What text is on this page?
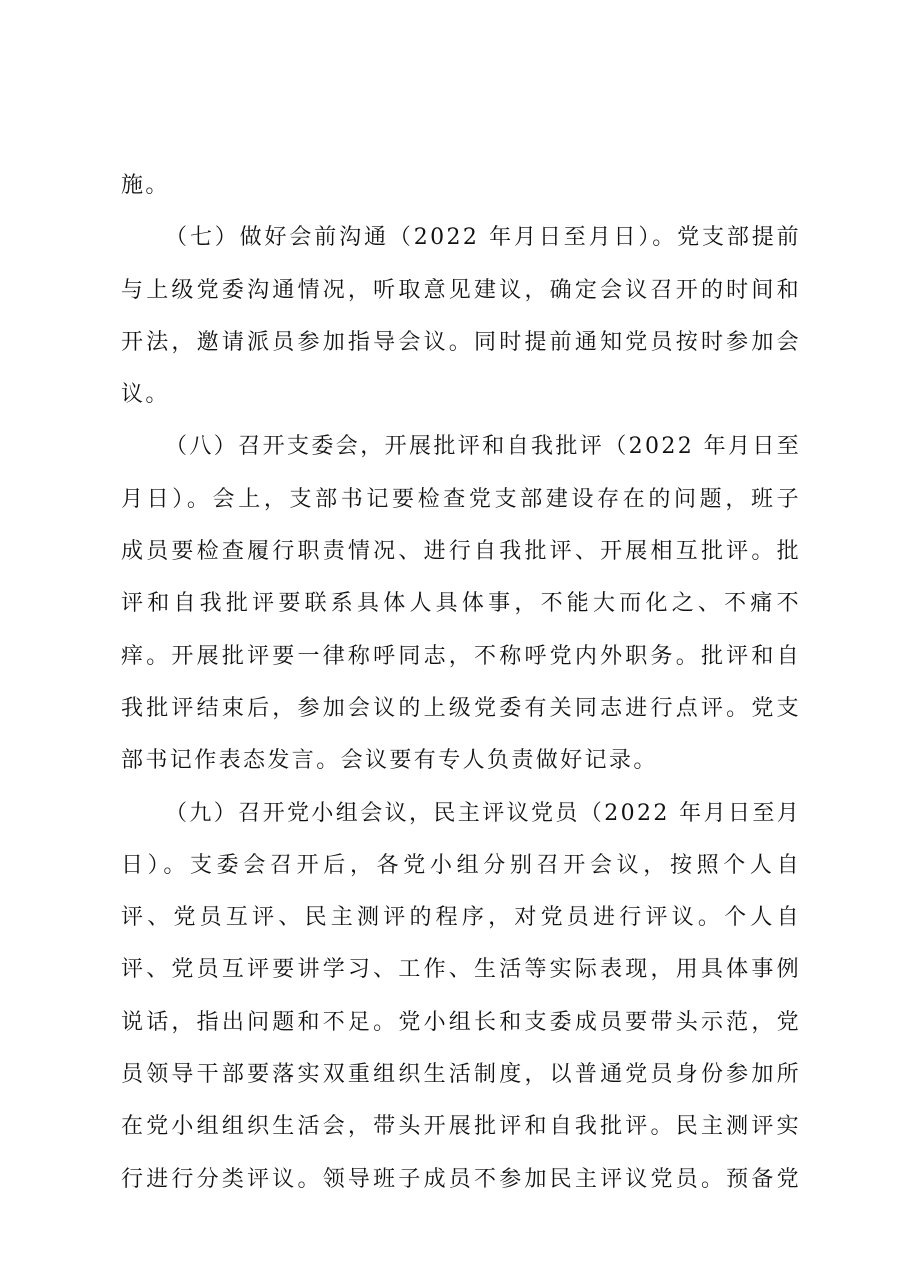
施。
（七）做好会前沟通（2022 年月日至月日）。党支部提前
与上级党委沟通情况，听取意见建议，确定会议召开的时间和
开法，邀请派员参加指导会议。同时提前通知党员按时参加会
议。
（八）召开支委会，开展批评和自我批评（2022 年月日至
月日）。会上，支部书记要检查党支部建设存在的问题，班子
成员要检查履行职责情况、进行自我批评、开展相互批评。批
评和自我批评要联系具体人具体事，不能大而化之、不痛不
痒。开展批评要一律称呼同志，不称呼党内外职务。批评和自
我批评结束后，参加会议的上级党委有关同志进行点评。党支
部书记作表态发言。会议要有专人负责做好记录。
（九）召开党小组会议，民主评议党员（2022 年月日至月
日）。支委会召开后，各党小组分别召开会议，按照个人自
评、党员互评、民主测评的程序，对党员进行评议。个人自
评、党员互评要讲学习、工作、生活等实际表现，用具体事例
说话，指出问题和不足。党小组长和支委成员要带头示范，党
员领导干部要落实双重组织生活制度，以普通党员身份参加所
在党小组组织生活会，带头开展批评和自我批评。民主测评实
行进行分类评议。领导班子成员不参加民主评议党员。预备党
